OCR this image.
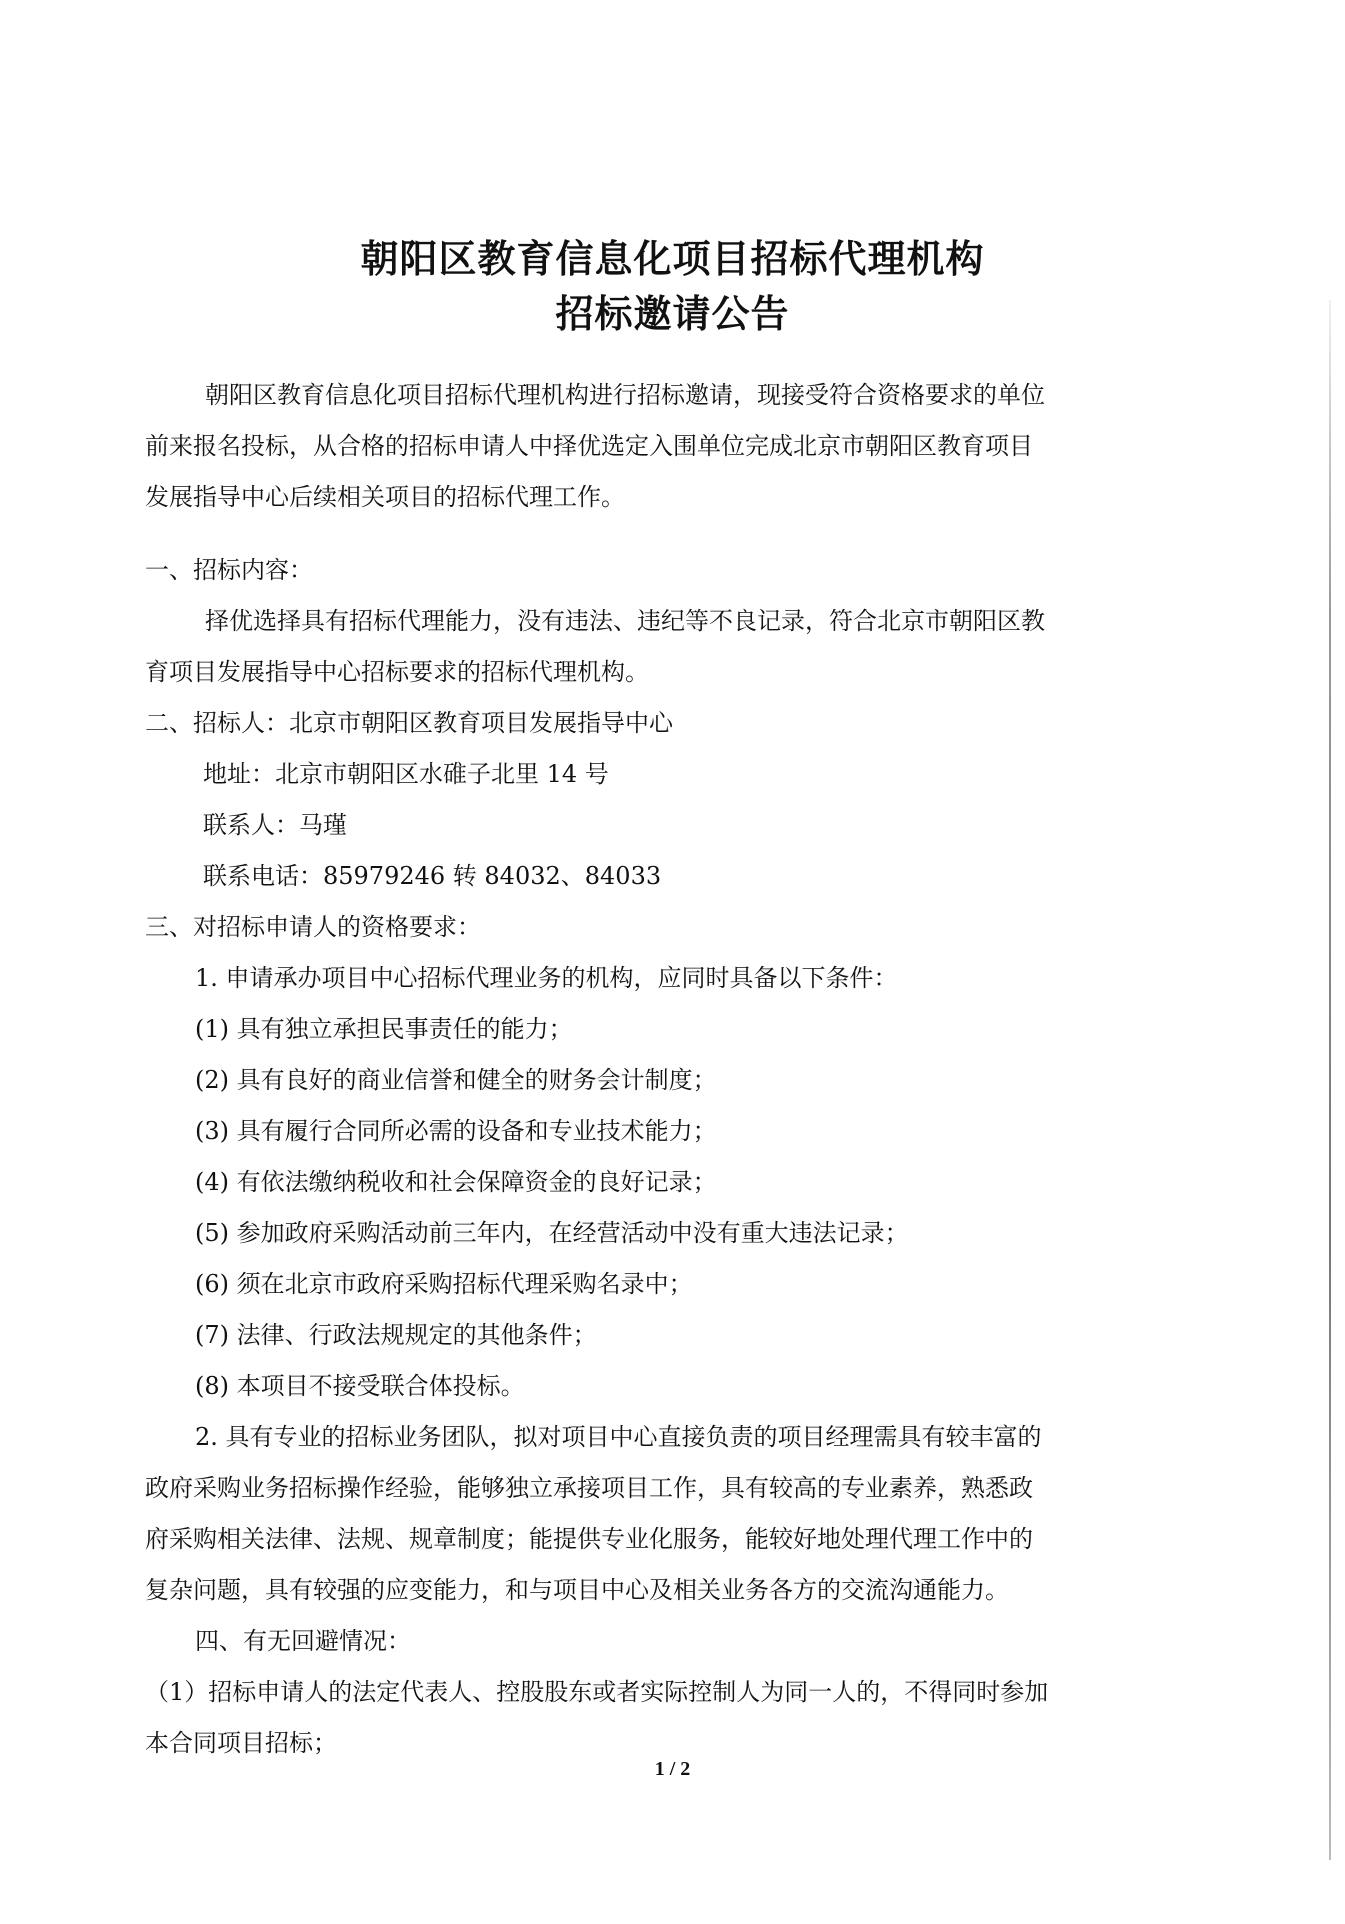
朝阳区教育信息化项目招标代理机构
招标邀请公告
朝阳区教育信息化项目招标代理机构进行招标邀请，现接受符合资格要求的单位
前来报名投标，从合格的招标申请人中择优选定入围单位完成北京市朝阳区教育项目
发展指导中心后续相关项目的招标代理工作。
一、招标内容：
择优选择具有招标代理能力，没有违法、违纪等不良记录，符合北京市朝阳区教
育项目发展指导中心招标要求的招标代理机构。
二、招标人：北京市朝阳区教育项目发展指导中心
地址：北京市朝阳区水碓子北里 14 号
联系人：马瑾
联系电话：85979246 转 84032、84033
三、对招标申请人的资格要求：
1. 申请承办项目中心招标代理业务的机构，应同时具备以下条件：
(1) 具有独立承担民事责任的能力；
(2) 具有良好的商业信誉和健全的财务会计制度；
(3) 具有履行合同所必需的设备和专业技术能力；
(4) 有依法缴纳税收和社会保障资金的良好记录；
(5) 参加政府采购活动前三年内，在经营活动中没有重大违法记录；
(6) 须在北京市政府采购招标代理采购名录中；
(7) 法律、行政法规规定的其他条件；
(8) 本项目不接受联合体投标。
2. 具有专业的招标业务团队，拟对项目中心直接负责的项目经理需具有较丰富的
政府采购业务招标操作经验，能够独立承接项目工作，具有较高的专业素养，熟悉政
府采购相关法律、法规、规章制度；能提供专业化服务，能较好地处理代理工作中的
复杂问题，具有较强的应变能力，和与项目中心及相关业务各方的交流沟通能力。
四、有无回避情况：
（1）招标申请人的法定代表人、控股股东或者实际控制人为同一人的，不得同时参加
本合同项目招标；
1 / 2
